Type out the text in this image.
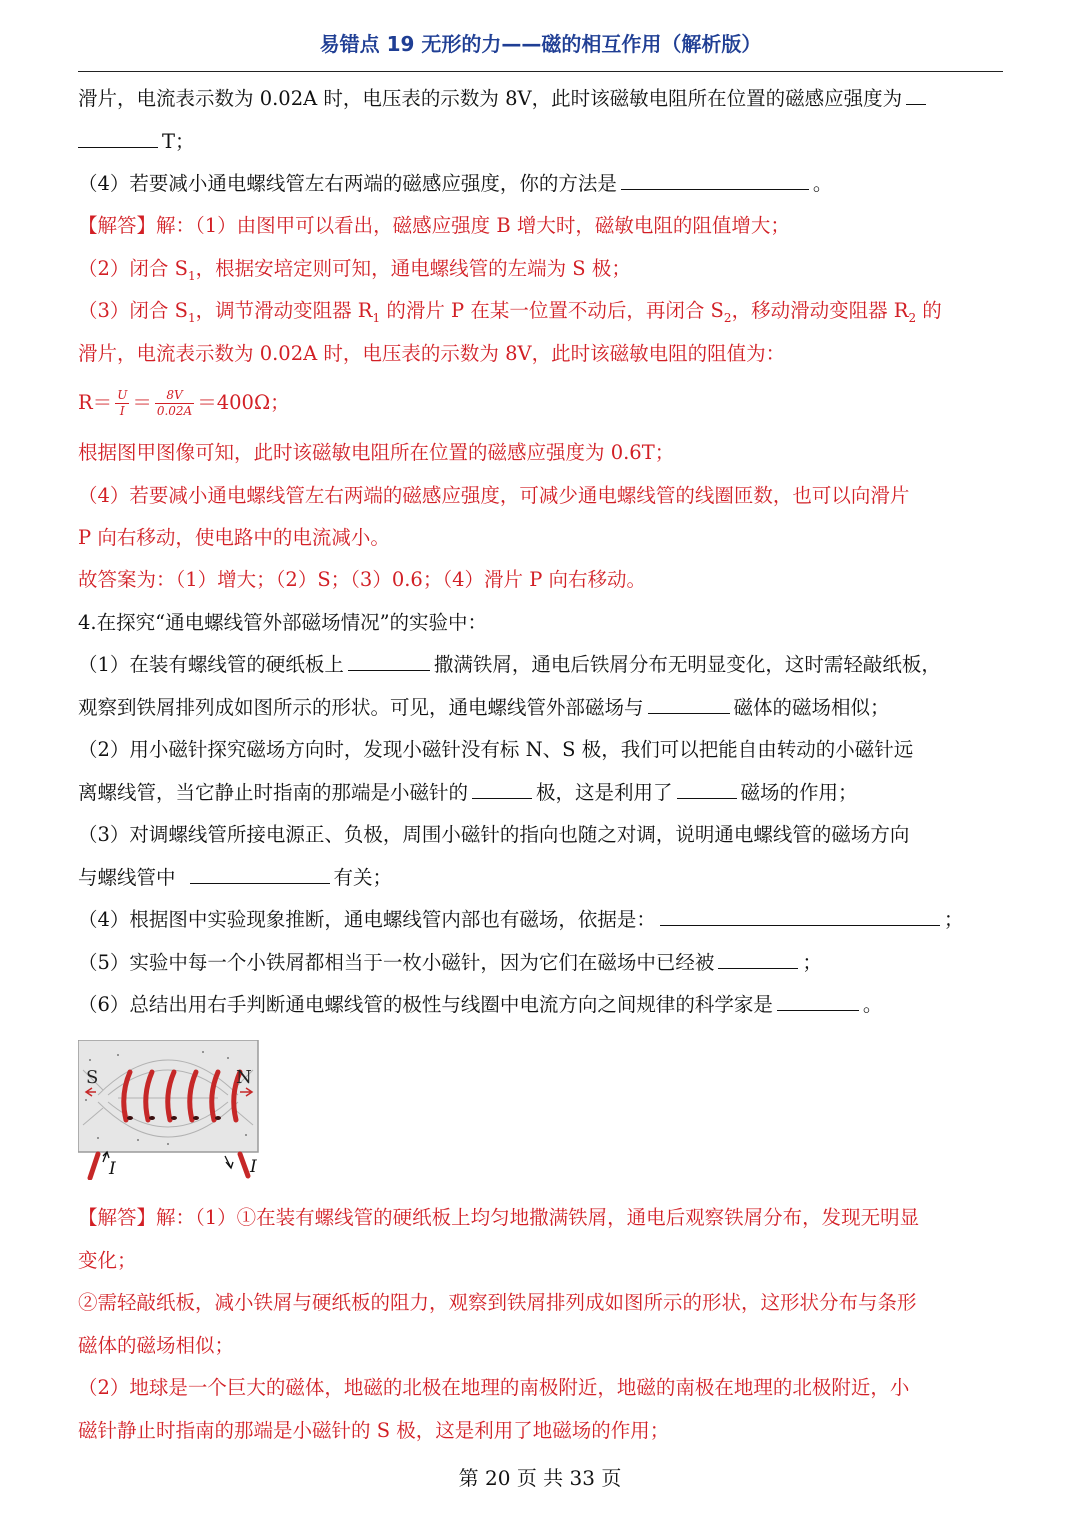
易错点 19 无形的力——磁的相互作用（解析版）
滑片，电流表示数为 0.02A 时，电压表的示数为 8V，此时该磁敏电阻所在位置的磁感应强度为
T；
（4）若要减小通电螺线管左右两端的磁感应强度，你的方法是	。
【解答】解：（1）由图甲可以看出，磁感应强度 B 增大时，磁敏电阻的阻值增大；
（2）闭合 $S_1$，根据安培定则可知，通电螺线管的左端为 S 极；
（3）闭合 $S_1$，调节滑动变阻器 $R_1$ 的滑片 P 在某一位置不动后，再闭合 $S_2$，移动滑动变阻器 $R_2$ 的
滑片，电流表示数为 0.02A 时，电压表的示数为 8V，此时该磁敏电阻的阻值为：
$R= \frac{U}{I} = \frac{8V}{0.02A} =400\Omega$；
根据图甲图像可知，此时该磁敏电阻所在位置的磁感应强度为 0.6T；
（4）若要减小通电螺线管左右两端的磁感应强度，可减少通电螺线管的线圈匝数，也可以向滑片
P 向右移动，使电路中的电流减小。
故答案为：（1）增大；（2）S；（3）0.6；（4）滑片 P 向右移动。
4.在探究“通电螺线管外部磁场情况”的实验中：
（1）在装有螺线管的硬纸板上	撒满铁屑，通电后铁屑分布无明显变化，这时需轻敲纸板，
观察到铁屑排列成如图所示的形状。可见，通电螺线管外部磁场与	磁体的磁场相似；
（2）用小磁针探究磁场方向时，发现小磁针没有标 N、S 极，我们可以把能自由转动的小磁针远
离螺线管，当它静止时指南的那端是小磁针的	极，这是利用了	磁场的作用；
（3）对调螺线管所接电源正、负极，周围小磁针的指向也随之对调，说明通电螺线管的磁场方向
与螺线管中	有关；
（4）根据图中实验现象推断，通电螺线管内部也有磁场，依据是：	；
（5）实验中每一个小铁屑都相当于一枚小磁针，因为它们在磁场中已经被	；
（6）总结出用右手判断通电螺线管的极性与线圈中电流方向之间规律的科学家是	。
S	N
I	I
【解答】解：（1）①在装有螺线管的硬纸板上均匀地撒满铁屑，通电后观察铁屑分布，发现无明显
变化；
②需轻敲纸板，减小铁屑与硬纸板的阻力，观察到铁屑排列成如图所示的形状，这形状分布与条形
磁体的磁场相似；
（2）地球是一个巨大的磁体，地磁的北极在地理的南极附近，地磁的南极在地理的北极附近，小
磁针静止时指南的那端是小磁针的 S 极，这是利用了地磁场的作用；
第 20 页 共 33 页
